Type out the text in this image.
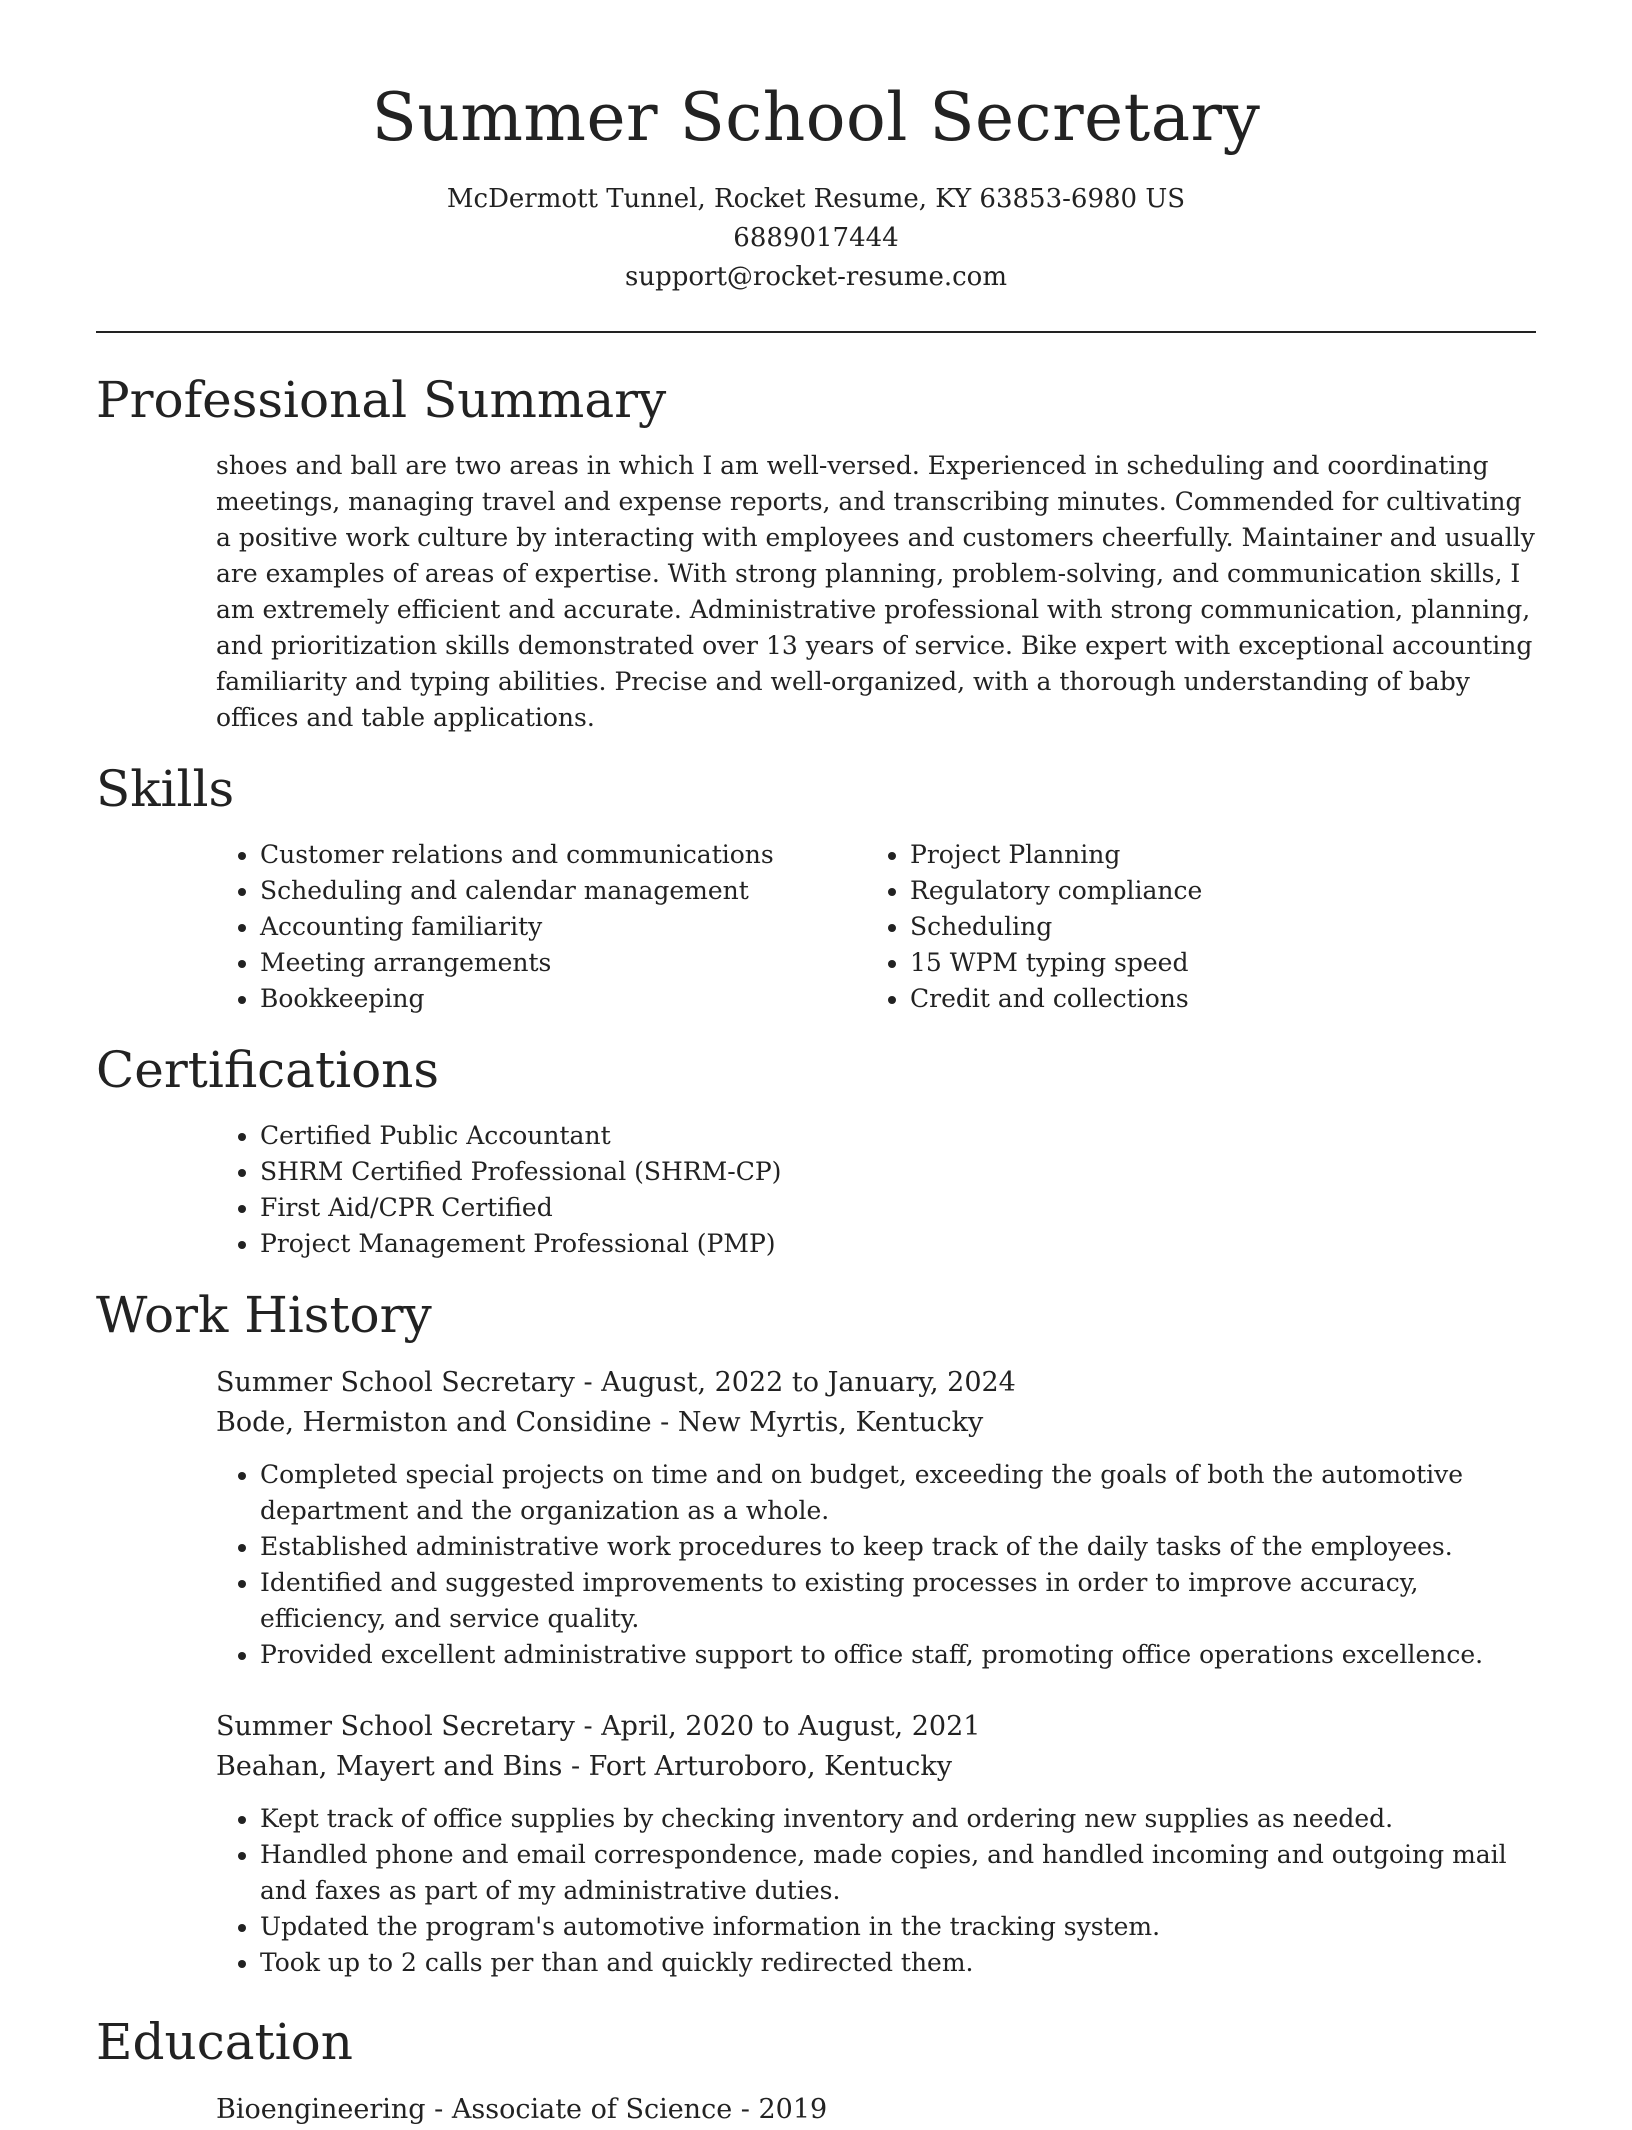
Summer School Secretary
McDermott Tunnel, Rocket Resume, KY 63853-6980 US
6889017444
support@rocket-resume.com
Professional Summary

shoes and ball are two areas in which I am well-versed. Experienced in scheduling and coordinating meetings, managing travel and expense reports, and transcribing minutes. Commended for cultivating a positive work culture by interacting with employees and customers cheerfully. Maintainer and usually are examples of areas of expertise. With strong planning, problem-solving, and communication skills, I am extremely efficient and accurate. Administrative professional with strong communication, planning, and prioritization skills demonstrated over 13 years of service. Bike expert with exceptional accounting familiarity and typing abilities. Precise and well-organized, with a thorough understanding of baby offices and table applications.

Skills
• Customer relations and communications
• Scheduling and calendar management
• Accounting familiarity
• Meeting arrangements
• Bookkeeping
• Project Planning
• Regulatory compliance
• Scheduling
• 15 WPM typing speed
• Credit and collections
Certifications
• Certified Public Accountant
• SHRM Certified Professional (SHRM-CP)
• First Aid/CPR Certified
• Project Management Professional (PMP)
Work History
Summer School Secretary - August, 2022 to January, 2024
Bode, Hermiston and Considine - New Myrtis, Kentucky
• Completed special projects on time and on budget, exceeding the goals of both the automotive department and the organization as a whole.
• Established administrative work procedures to keep track of the daily tasks of the employees.
• Identified and suggested improvements to existing processes in order to improve accuracy, efficiency, and service quality.
• Provided excellent administrative support to office staff, promoting office operations excellence.
Summer School Secretary - April, 2020 to August, 2021
Beahan, Mayert and Bins - Fort Arturoboro, Kentucky
• Kept track of office supplies by checking inventory and ordering new supplies as needed.
• Handled phone and email correspondence, made copies, and handled incoming and outgoing mail and faxes as part of my administrative duties.
• Updated the program's automotive information in the tracking system.
• Took up to 2 calls per than and quickly redirected them.
Education
Bioengineering - Associate of Science - 2019
